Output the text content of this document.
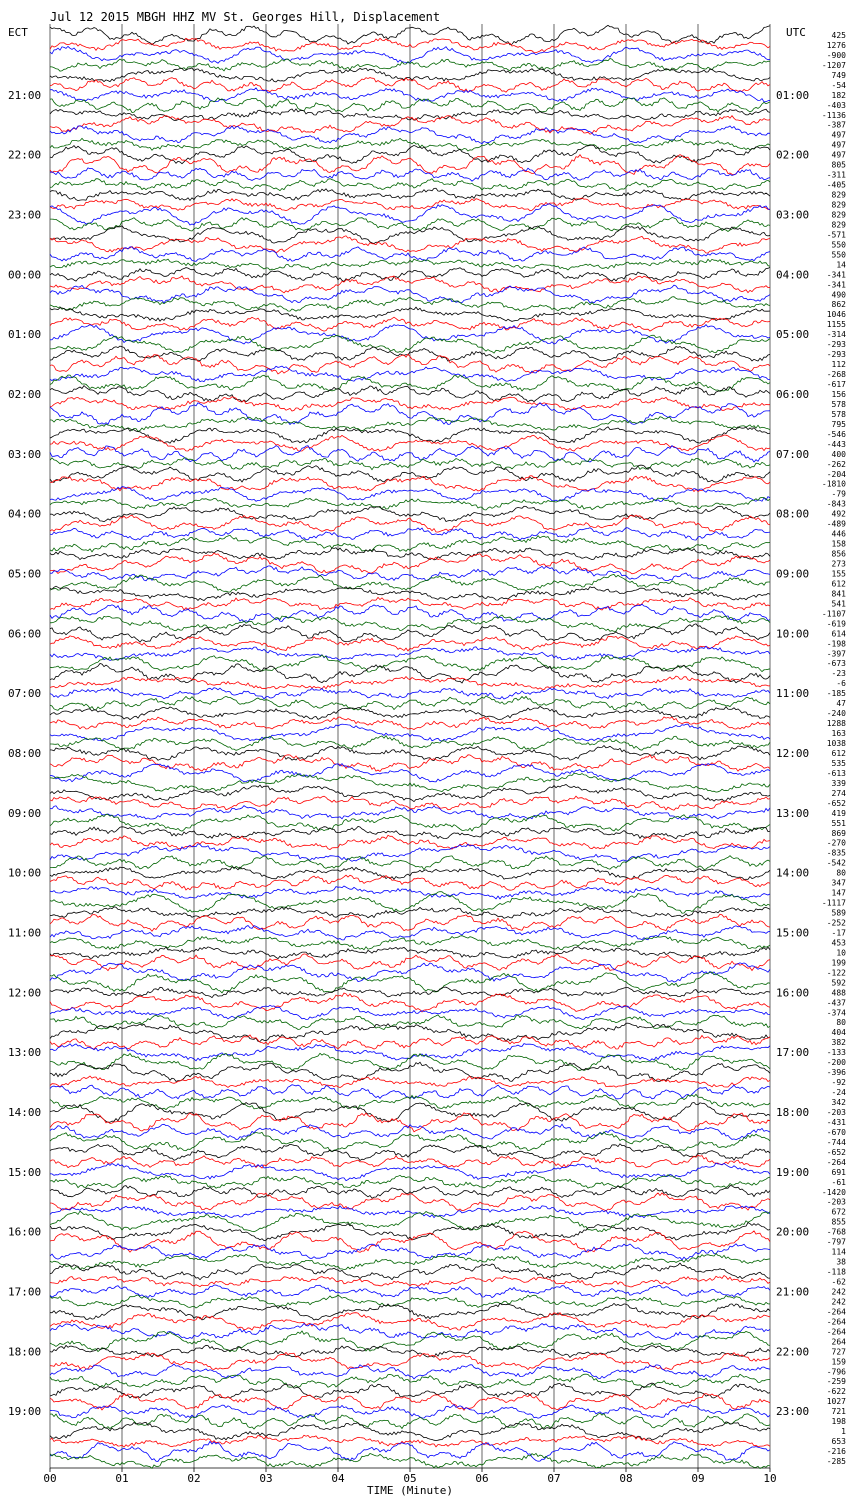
Jul 12 2015 MBGH HHZ MV St. Georges Hill, Displacement
ECT	UTC
TIME (Minute)
21:00
22:00
23:00
00:00
01:00
02:00
03:00
04:00
05:00
06:00
07:00
08:00
09:00
10:00
11:00
12:00
13:00
14:00
15:00
16:00
17:00
18:00
19:00
01:00
02:00
03:00
04:00
05:00
06:00
07:00
08:00
09:00
10:00
11:00
12:00
13:00
14:00
15:00
16:00
17:00
18:00
19:00
20:00
21:00
22:00
23:00
425
1276
-900
-1207
749
-54
182
-403
-1136
-387
497
497
497
805
-311
-405
829
829
829
829
-571
550
550
14
-341
-341
490
862
1046
1155
-314
-293
-293
112
-268
-617
156
578
578
795
-546
-443
400
-262
-204
-1810
-79
-843
492
-489
446
158
856
273
155
612
841
541
-1107
-619
614
-198
-397
-673
-23
-6
-185
47
-240
1288
163
1038
612
535
-613
339
274
-652
419
551
869
-270
-835
-542
80
347
147
-1117
589
-252
-17
453
10
199
-122
592
488
-437
-374
80
404
382
-133
-200
-396
-92
-24
342
-203
-431
-670
-744
-652
-264
691
-61
-1420
-203
672
855
-768
-797
114
38
-118
-62
242
242
-264
-264
-264
264
727
159
-796
-259
-622
1027
721
198
1
653
-216
-285
00	01	02	03	04	05	06	07	08	09	10
